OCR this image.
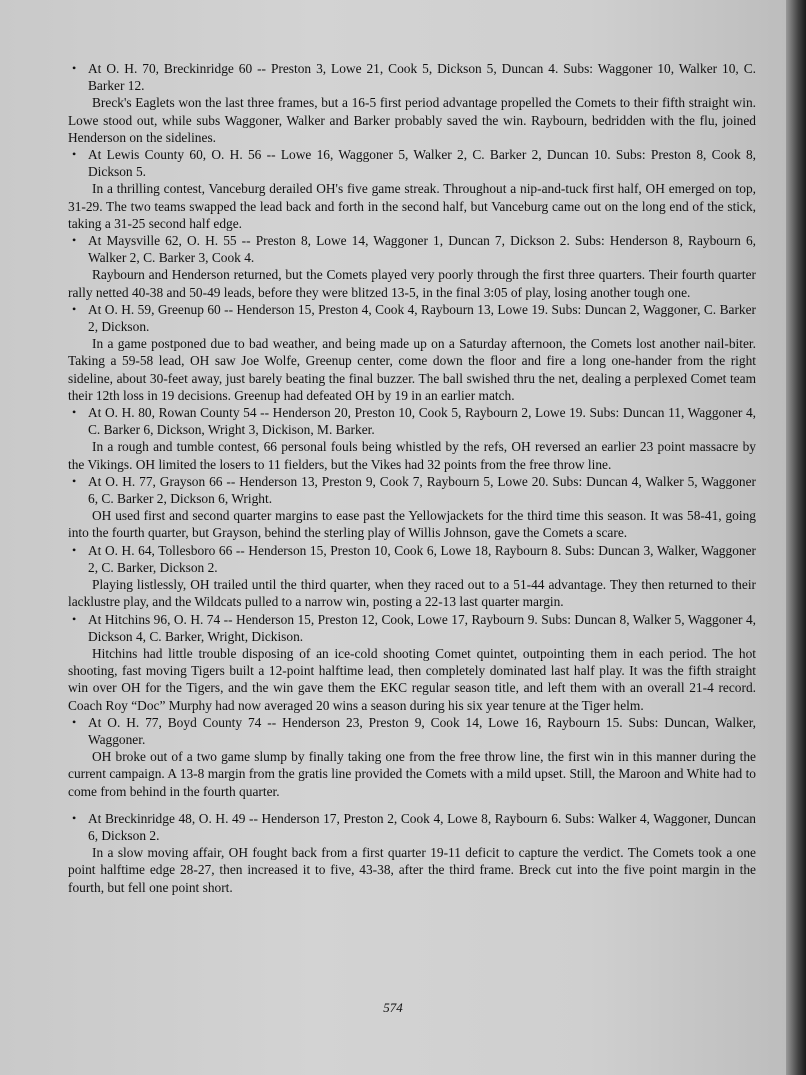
• At O. H. 70, Breckinridge 60 -- Preston 3, Lowe 21, Cook 5, Dickson 5, Duncan 4. Subs: Waggoner 10, Walker 10, C. Barker 12.

Breck's Eaglets won the last three frames, but a 16-5 first period advantage propelled the Comets to their fifth straight win. Lowe stood out, while subs Waggoner, Walker and Barker probably saved the win. Raybourn, bedridden with the flu, joined Henderson on the sidelines.

• At Lewis County 60, O. H. 56 -- Lowe 16, Waggoner 5, Walker 2, C. Barker 2, Duncan 10. Subs: Preston 8, Cook 8, Dickson 5.

In a thrilling contest, Vanceburg derailed OH's five game streak. Throughout a nip-and-tuck first half, OH emerged on top, 31-29. The two teams swapped the lead back and forth in the second half, but Vanceburg came out on the long end of the stick, taking a 31-25 second half edge.

• At Maysville 62, O. H. 55 -- Preston 8, Lowe 14, Waggoner 1, Duncan 7, Dickson 2. Subs: Henderson 8, Raybourn 6, Walker 2, C. Barker 3, Cook 4.

Raybourn and Henderson returned, but the Comets played very poorly through the first three quarters. Their fourth quarter rally netted 40-38 and 50-49 leads, before they were blitzed 13-5, in the final 3:05 of play, losing another tough one.

• At O. H. 59, Greenup 60 -- Henderson 15, Preston 4, Cook 4, Raybourn 13, Lowe 19. Subs: Duncan 2, Waggoner, C. Barker 2, Dickson.

In a game postponed due to bad weather, and being made up on a Saturday afternoon, the Comets lost another nail-biter. Taking a 59-58 lead, OH saw Joe Wolfe, Greenup center, come down the floor and fire a long one-hander from the right sideline, about 30-feet away, just barely beating the final buzzer. The ball swished thru the net, dealing a perplexed Comet team their 12th loss in 19 decisions. Greenup had defeated OH by 19 in an earlier match.

• At O. H. 80, Rowan County 54 -- Henderson 20, Preston 10, Cook 5, Raybourn 2, Lowe 19. Subs: Duncan 11, Waggoner 4, C. Barker 6, Dickson, Wright 3, Dickison, M. Barker.

In a rough and tumble contest, 66 personal fouls being whistled by the refs, OH reversed an earlier 23 point massacre by the Vikings. OH limited the losers to 11 fielders, but the Vikes had 32 points from the free throw line.

• At O. H. 77, Grayson 66 -- Henderson 13, Preston 9, Cook 7, Raybourn 5, Lowe 20. Subs: Duncan 4, Walker 5, Waggoner 6, C. Barker 2, Dickson 6, Wright.

OH used first and second quarter margins to ease past the Yellowjackets for the third time this season. It was 58-41, going into the fourth quarter, but Grayson, behind the sterling play of Willis Johnson, gave the Comets a scare.

• At O. H. 64, Tollesboro 66 -- Henderson 15, Preston 10, Cook 6, Lowe 18, Raybourn 8. Subs: Duncan 3, Walker, Waggoner 2, C. Barker, Dickson 2.

Playing listlessly, OH trailed until the third quarter, when they raced out to a 51-44 advantage. They then returned to their lacklustre play, and the Wildcats pulled to a narrow win, posting a 22-13 last quarter margin.

• At Hitchins 96, O. H. 74 -- Henderson 15, Preston 12, Cook, Lowe 17, Raybourn 9. Subs: Duncan 8, Walker 5, Waggoner 4, Dickson 4, C. Barker, Wright, Dickison.

Hitchins had little trouble disposing of an ice-cold shooting Comet quintet, outpointing them in each period. The hot shooting, fast moving Tigers built a 12-point halftime lead, then completely dominated last half play. It was the fifth straight win over OH for the Tigers, and the win gave them the EKC regular season title, and left them with an overall 21-4 record. Coach Roy “Doc” Murphy had now averaged 20 wins a season during his six year tenure at the Tiger helm.

• At O. H. 77, Boyd County 74 -- Henderson 23, Preston 9, Cook 14, Lowe 16, Raybourn 15. Subs: Duncan, Walker, Waggoner.

OH broke out of a two game slump by finally taking one from the free throw line, the first win in this manner during the current campaign. A 13-8 margin from the gratis line provided the Comets with a mild upset. Still, the Maroon and White had to come from behind in the fourth quarter.

• At Breckinridge 48, O. H. 49 -- Henderson 17, Preston 2, Cook 4, Lowe 8, Raybourn 6. Subs: Walker 4, Waggoner, Duncan 6, Dickson 2.

In a slow moving affair, OH fought back from a first quarter 19-11 deficit to capture the verdict. The Comets took a one point halftime edge 28-27, then increased it to five, 43-38, after the third frame. Breck cut into the five point margin in the fourth, but fell one point short.

574
